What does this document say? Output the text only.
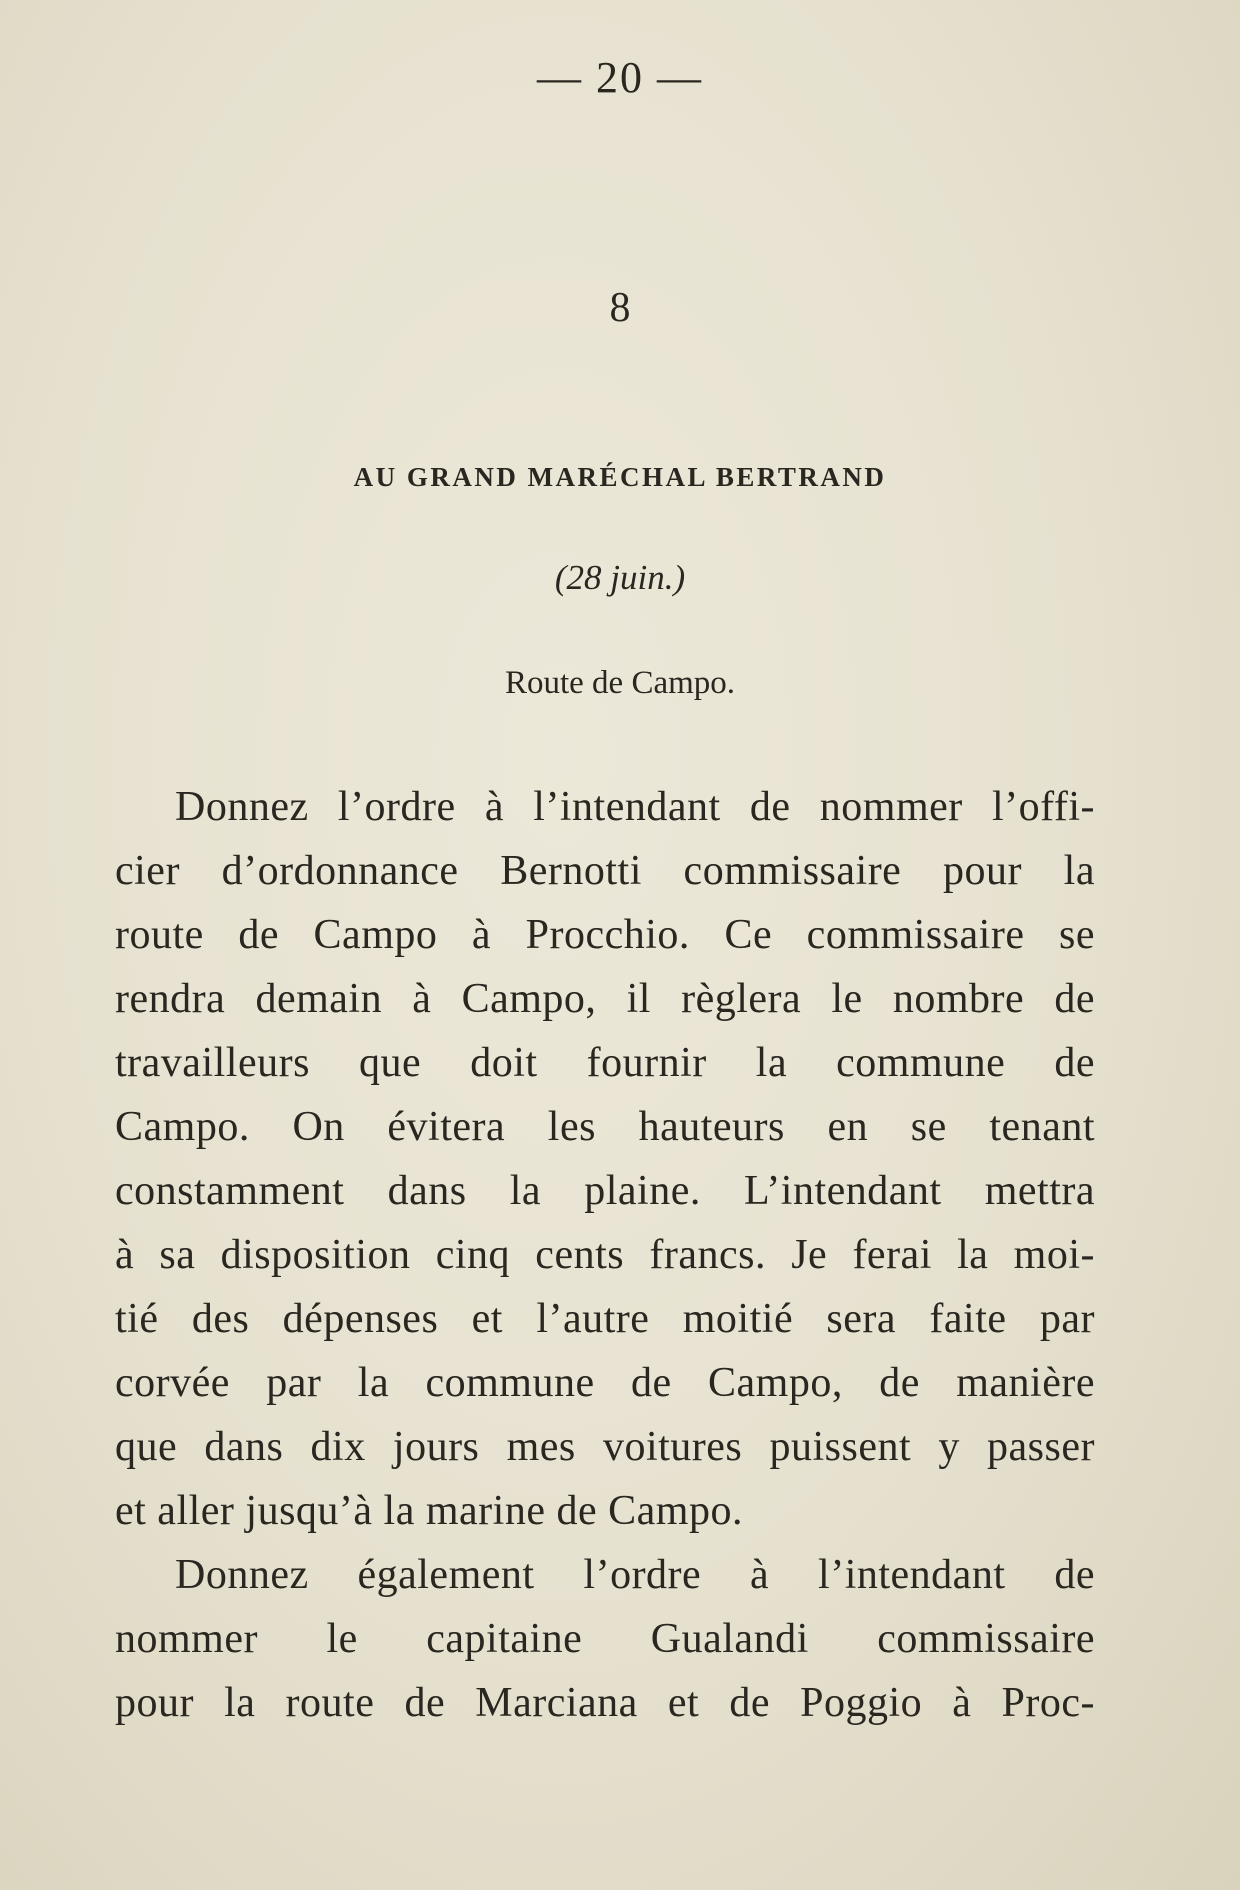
— 20 —
8
AU GRAND MARÉCHAL BERTRAND
(28 juin.)
Route de Campo.
Donnez l’ordre à l’intendant de nommer l’offi-
cier d’ordonnance Bernotti commissaire pour la
route de Campo à Procchio. Ce commissaire se
rendra demain à Campo, il règlera le nombre de
travailleurs que doit fournir la commune de
Campo. On évitera les hauteurs en se tenant
constamment dans la plaine. L’intendant mettra
à sa disposition cinq cents francs. Je ferai la moi-
tié des dépenses et l’autre moitié sera faite par
corvée par la commune de Campo, de manière
que dans dix jours mes voitures puissent y passer
et aller jusqu’à la marine de Campo.
Donnez également l’ordre à l’intendant de
nommer le capitaine Gualandi commissaire
pour la route de Marciana et de Poggio à Proc-
